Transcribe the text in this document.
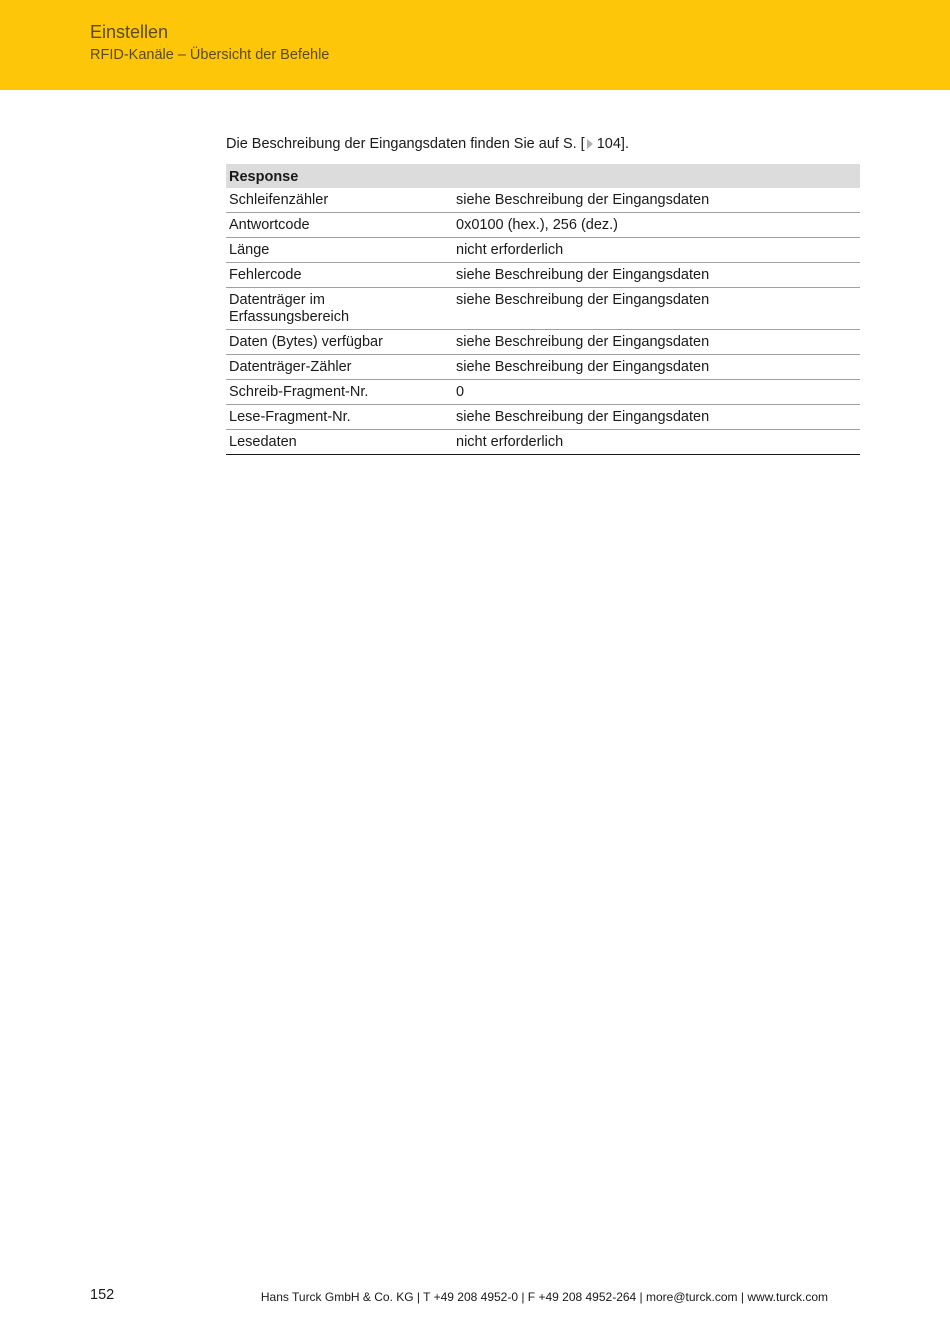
Einstellen
RFID-Kanäle – Übersicht der Befehle
Die Beschreibung der Eingangsdaten finden Sie auf S. [ 104].
Response	
Schleifenzähler	siehe Beschreibung der Eingangsdaten
Antwortcode	0x0100 (hex.), 256 (dez.)
Länge	nicht erforderlich
Fehlercode	siehe Beschreibung der Eingangsdaten
Datenträger im Erfassungsbereich	siehe Beschreibung der Eingangsdaten
Daten (Bytes) verfügbar	siehe Beschreibung der Eingangsdaten
Datenträger-Zähler	siehe Beschreibung der Eingangsdaten
Schreib-Fragment-Nr.	0
Lese-Fragment-Nr.	siehe Beschreibung der Eingangsdaten
Lesedaten	nicht erforderlich
152	Hans Turck GmbH & Co. KG | T +49 208 4952-0 | F +49 208 4952-264 | more@turck.com | www.turck.com
